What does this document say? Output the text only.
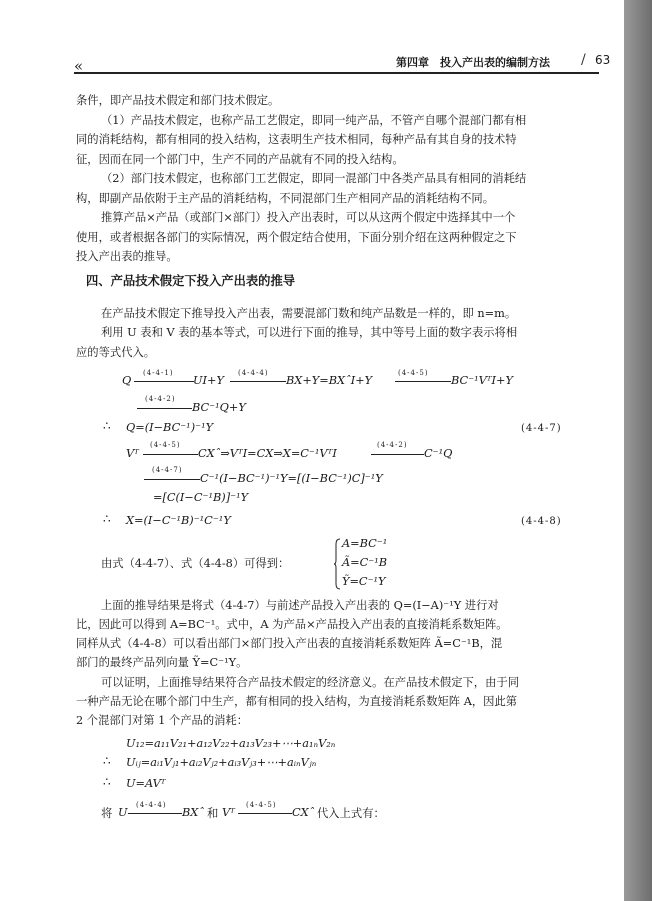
«	第四章　投入产出表的编制方法 / 63
条件，即产品技术假定和部门技术假定。
（1）产品技术假定，也称产品工艺假定，即同一纯产品，不管产自哪个混部门都有相
同的消耗结构，都有相同的投入结构，这表明生产技术相同，每种产品有其自身的技术特
征，因而在同一个部门中，生产不同的产品就有不同的投入结构。
（2）部门技术假定，也称部门工艺假定，即同一混部门中各类产品具有相同的消耗结
构，即副产品依附于主产品的消耗结构，不同混部门生产相同产品的消耗结构不同。
推算产品×产品（或部门×部门）投入产出表时，可以从这两个假定中选择其中一个
使用，或者根据各部门的实际情况，两个假定结合使用，下面分别介绍在这两种假定之下
投入产出表的推导。
四、产品技术假定下投入产出表的推导
在产品技术假定下推导投入产出表，需要混部门数和纯产品数是一样的，即 n=m。
利用 U 表和 V 表的基本等式，可以进行下面的推导，其中等号上面的数字表示将相
应的等式代入。
Q
(4-4-1)
UI+Y
(4-4-4)
BX+Y=BXˆI+Y
(4-4-5)
BC⁻¹VᵀI+Y
(4-4-2)
BC⁻¹Q+Y
∴ Q=(I−BC⁻¹)⁻¹Y	(4-4-7)
Vᵀ
(4-4-5)
CXˆ⇒VᵀI=CX⇒X=C⁻¹VᵀI
(4-4-2)
C⁻¹Q
(4-4-7)
C⁻¹(I−BC⁻¹)⁻¹Y=[(I−BC⁻¹)C]⁻¹Y
=[C(I−C⁻¹B)]⁻¹Y
∴ X=(I−C⁻¹B)⁻¹C⁻¹Y	(4-4-8)
由式（4-4-7）、式（4-4-8）可得到：
A=BC⁻¹
Ã=C⁻¹B
Ỹ=C⁻¹Y
上面的推导结果是将式（4-4-7）与前述产品投入产出表的 Q=(I−A)⁻¹Y 进行对
比，因此可以得到 A=BC⁻¹。式中，A 为产品×产品投入产出表的直接消耗系数矩阵。
同样从式（4-4-8）可以看出部门×部门投入产出表的直接消耗系数矩阵 Ã=C⁻¹B，混
部门的最终产品列向量 Ỹ=C⁻¹Y。
可以证明，上面推导结果符合产品技术假定的经济意义。在产品技术假定下，由于同
一种产品无论在哪个部门中生产，都有相同的投入结构，为直接消耗系数矩阵 A，因此第
2 个混部门对第 1 个产品的消耗：
U₁₂=a₁₁V₂₁+a₁₂V₂₂+a₁₃V₂₃+⋯+a₁ₙV₂ₙ
∴ Uᵢⱼ=aᵢ₁Vⱼ₁+aᵢ₂Vⱼ₂+aᵢ₃Vⱼ₃+⋯+aᵢₙVⱼₙ
∴ U=AVᵀ
将 U
(4-4-4)
BXˆ 和 Vᵀ
(4-4-5)
CXˆ 代入上式有：
